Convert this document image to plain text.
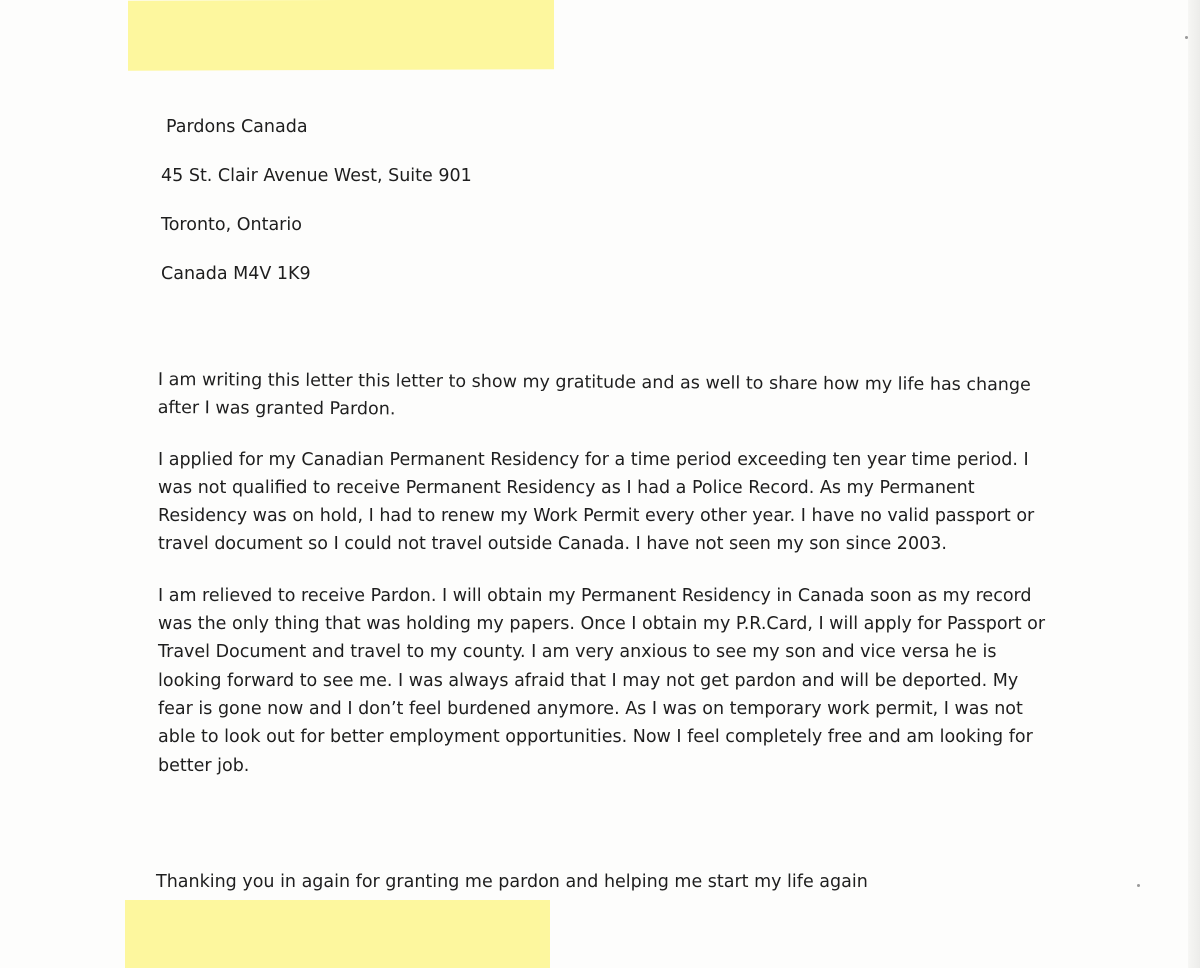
Pardons Canada
45 St. Clair Avenue West, Suite 901
Toronto, Ontario
Canada M4V 1K9

I am writing this letter this letter to show my gratitude and as well to share how my life has change after I was granted Pardon.

I applied for my Canadian Permanent Residency for a time period exceeding ten year time period. I was not qualified to receive Permanent Residency as I had a Police Record. As my Permanent Residency was on hold, I had to renew my Work Permit every other year. I have no valid passport or travel document so I could not travel outside Canada. I have not seen my son since 2003.

I am relieved to receive Pardon. I will obtain my Permanent Residency in Canada soon as my record was the only thing that was holding my papers. Once I obtain my P.R.Card, I will apply for Passport or Travel Document and travel to my county. I am very anxious to see my son and vice versa he is looking forward to see me. I was always afraid that I may not get pardon and will be deported. My fear is gone now and I don’t feel burdened anymore. As I was on temporary work permit, I was not able to look out for better employment opportunities. Now I feel completely free and am looking for better job.

Thanking you in again for granting me pardon and helping me start my life again
